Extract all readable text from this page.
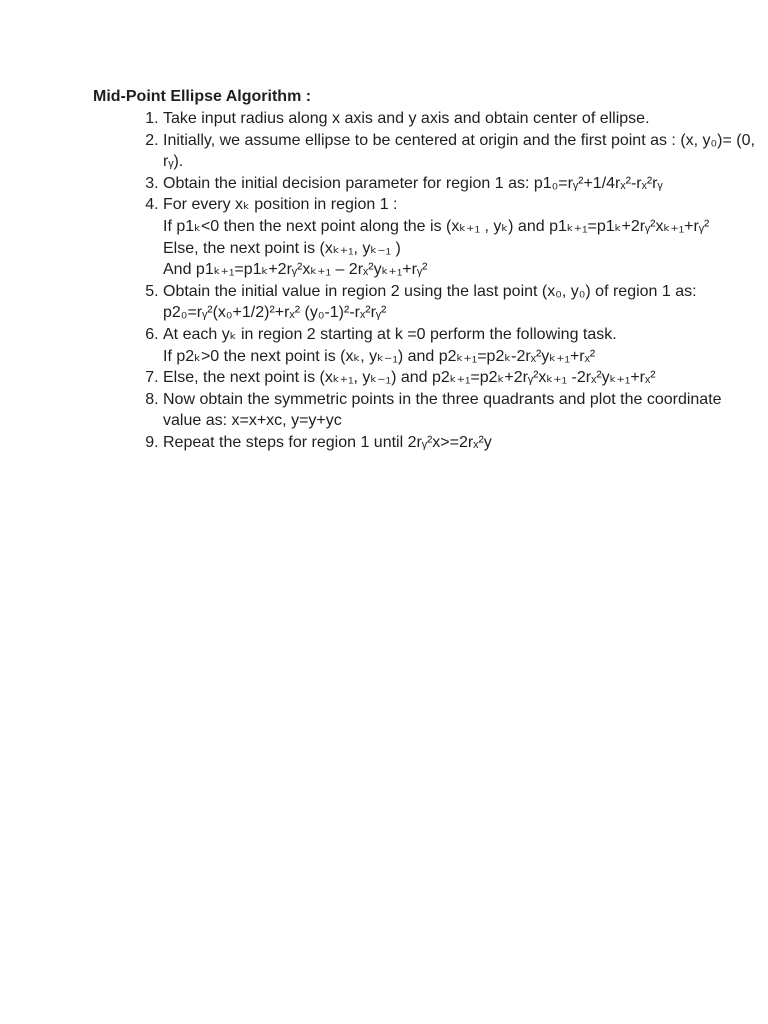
Mid-Point Ellipse Algorithm :
1. Take input radius along x axis and y axis and obtain center of ellipse.
2. Initially, we assume ellipse to be centered at origin and the first point as : (x, y₀)= (0, rᵧ).
3. Obtain the initial decision parameter for region 1 as: p1₀=rᵧ²+1/4rₓ²-rₓ²rᵧ
4. For every xₖ position in region 1 :
If p1ₖ<0 then the next point along the is (xₖ₊₁ , yₖ) and p1ₖ₊₁=p1ₖ+2rᵧ²xₖ₊₁+rᵧ²
Else, the next point is (xₖ₊₁, yₖ₋₁ )
And p1ₖ₊₁=p1ₖ+2rᵧ²xₖ₊₁ – 2rₓ²yₖ₊₁+rᵧ²
5. Obtain the initial value in region 2 using the last point (x₀, y₀) of region 1 as: p2₀=rᵧ²(x₀+1/2)²+rₓ² (y₀-1)²-rₓ²rᵧ²
6. At each yₖ in region 2 starting at k =0 perform the following task.
If p2ₖ>0 the next point is (xₖ, yₖ₋₁) and p2ₖ₊₁=p2ₖ-2rₓ²yₖ₊₁+rₓ²
7. Else, the next point is (xₖ₊₁, yₖ₋₁) and p2ₖ₊₁=p2ₖ+2rᵧ²xₖ₊₁ -2rₓ²yₖ₊₁+rₓ²
8. Now obtain the symmetric points in the three quadrants and plot the coordinate value as: x=x+xc, y=y+yc
9. Repeat the steps for region 1 until 2rᵧ²x>=2rₓ²y
